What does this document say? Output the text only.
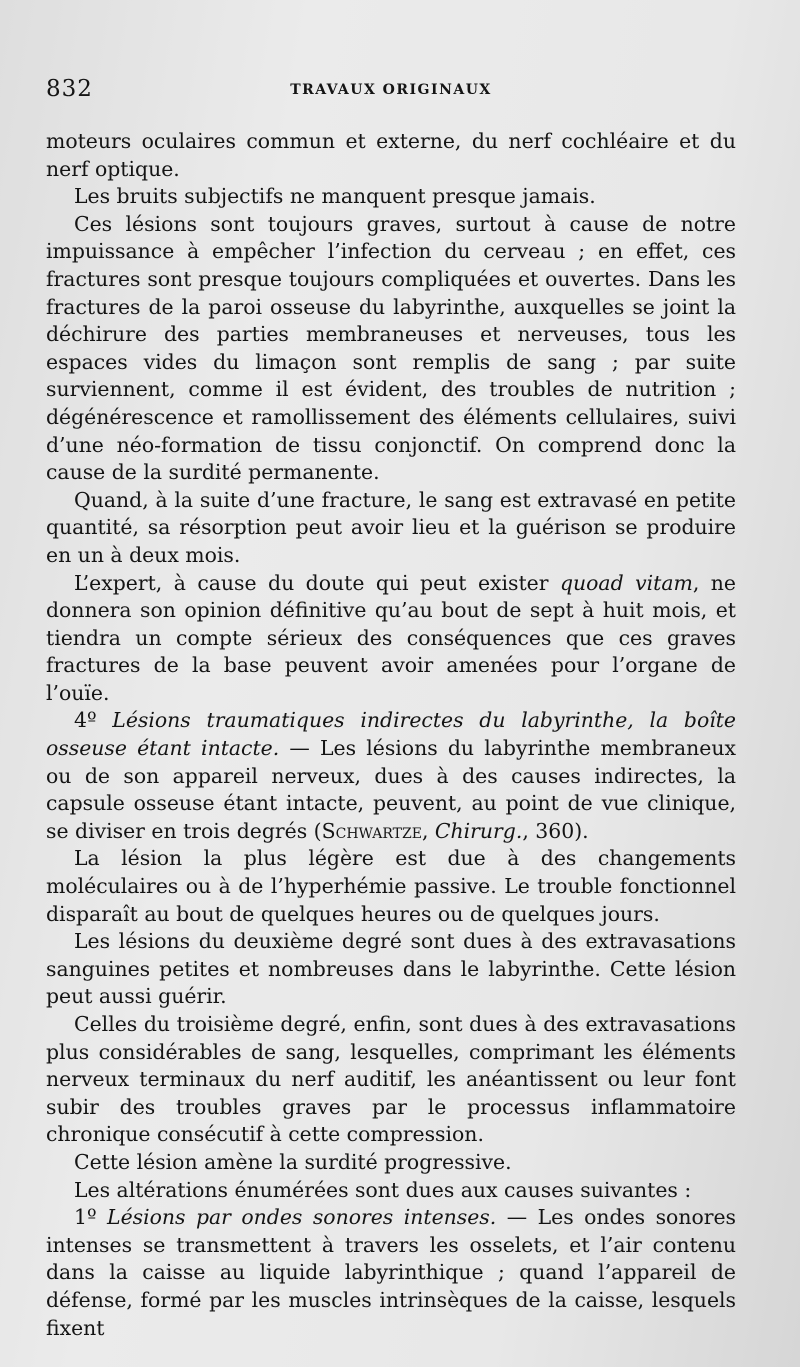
832	TRAVAUX ORIGINAUX

moteurs oculaires commun et externe, du nerf cochléaire et du nerf optique.

Les bruits subjectifs ne manquent presque jamais.

Ces lésions sont toujours graves, surtout à cause de notre impuissance à empêcher l’infection du cerveau ; en effet, ces fractures sont presque toujours compliquées et ouvertes. Dans les fractures de la paroi osseuse du labyrinthe, auxquelles se joint la déchirure des parties membraneuses et nerveuses, tous les espaces vides du limaçon sont remplis de sang ; par suite surviennent, comme il est évident, des troubles de nutrition ; dégénérescence et ramollissement des éléments cellulaires, suivi d’une néo-formation de tissu conjonctif. On comprend donc la cause de la surdité permanente.

Quand, à la suite d’une fracture, le sang est extravasé en petite quantité, sa résorption peut avoir lieu et la guérison se produire en un à deux mois.

L’expert, à cause du doute qui peut exister quoad vitam, ne donnera son opinion définitive qu’au bout de sept à huit mois, et tiendra un compte sérieux des conséquences que ces graves fractures de la base peuvent avoir amenées pour l’organe de l’ouïe.

4º Lésions traumatiques indirectes du labyrinthe, la boîte osseuse étant intacte. — Les lésions du labyrinthe membraneux ou de son appareil nerveux, dues à des causes indirectes, la capsule osseuse étant intacte, peuvent, au point de vue clinique, se diviser en trois degrés (Schwartze, Chirurg., 360).

La lésion la plus légère est due à des changements moléculaires ou à de l’hyperhémie passive. Le trouble fonctionnel disparaît au bout de quelques heures ou de quelques jours.

Les lésions du deuxième degré sont dues à des extravasations sanguines petites et nombreuses dans le labyrinthe. Cette lésion peut aussi guérir.

Celles du troisième degré, enfin, sont dues à des extravasations plus considérables de sang, lesquelles, comprimant les éléments nerveux terminaux du nerf auditif, les anéantissent ou leur font subir des troubles graves par le processus inflammatoire chronique consécutif à cette compression.

Cette lésion amène la surdité progressive.

Les altérations énumérées sont dues aux causes suivantes :

1º Lésions par ondes sonores intenses. — Les ondes sonores intenses se transmettent à travers les osselets, et l’air contenu dans la caisse au liquide labyrinthique ; quand l’appareil de défense, formé par les muscles intrinsèques de la caisse, lesquels fixent
